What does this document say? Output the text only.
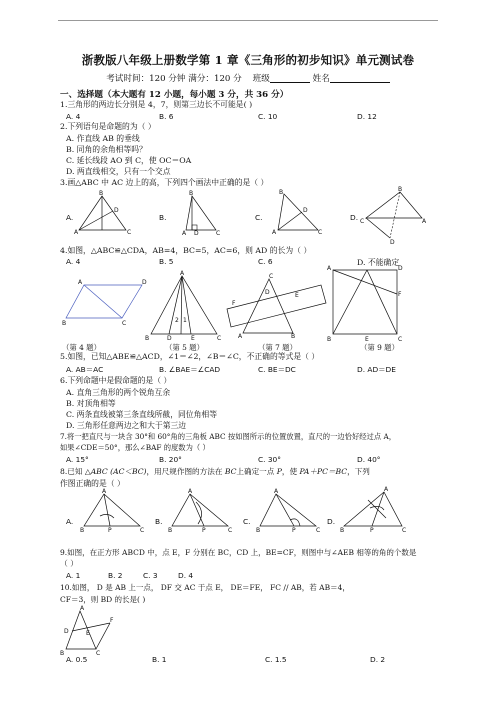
浙教版八年级上册数学第 1 章《三角形的初步知识》单元测试卷
考试时间：120 分钟 满分：120 分 班级	姓名
一、选择题（本大题有 12 小题，每小题 3 分，共 36 分）
1.三角形的两边长分别是 4，7，则第三边长不可能是( )
A. 4	B. 6	C. 10	D. 12
2.下列语句是命题的为（ ）
A. 作直线 AB 的垂线
B. 同角的余角相等吗？
C. 延长线段 AO 到 C，使 OC＝OA
D. 两直线相交，只有一个交点
3.画△ABC 中 AC 边上的高，下列四个画法中正确的是（ ）
A.	B.	C.	D.
B
A	C
D
B
A	C
D
B
A	C
D
B
C	A
D
4.如图，△ABC≌△CDA，AB=4，BC=5，AC=6，则 AD 的长为（ ）
A. 4	B. 5	C. 6	D. 不能确定
A	D
B	C
A
B	C
D	E
2 1
C
A	B
F
D	E
A	D
B	C
F
E
（第 4 题）	（第 5 题）	（第 7 题）	（第 9 题）
5.如图，已知△ABE≌△ACD，∠1＝∠2，∠B＝∠C，不正确的等式是（ ）
A. AB＝AC	B. ∠BAE＝∠CAD	C. BE＝DC	D. AD＝DE
6.下列命题中是假命题的是（ ）
A. 直角三角形的两个锐角互余
B. 对顶角相等
C. 两条直线被第三条直线所截，同位角相等
D. 三角形任意两边之和大于第三边
7.将一把直尺与一块含 30°和 60°角的三角板 ABC 按如图所示的位置放置，直尺的一边恰好经过点 A，
如果∠CDE＝50°，那么∠BAF 的度数为（ ）
A. 15°	B. 20°	C. 30°	D. 40°
8.已知 △ABC (AC＜BC)，用尺规作图的方法在 BC上确定一点 P，使 PA＋PC＝BC，下列
作图正确的是（ ）
A.	B.	C.	D.
A
B	P	C
A
B	P	C
A
B	P	C
A
B	P	C
9.如图，在正方形 ABCD 中，点 E，F 分别在 BC，CD 上，BE=CF，则图中与∠AEB 相等的角的个数是
（ ）
A. 1	B. 2	C. 3	D. 4
10.如图， D 是 AB 上一点， DF 交 AC 于点 E， DE＝FE， FC // AB，若 AB＝4，
CF＝3，则 BD 的长是( )
A
B	C
D	E
F
A. 0.5	B. 1	C. 1.5	D. 2
